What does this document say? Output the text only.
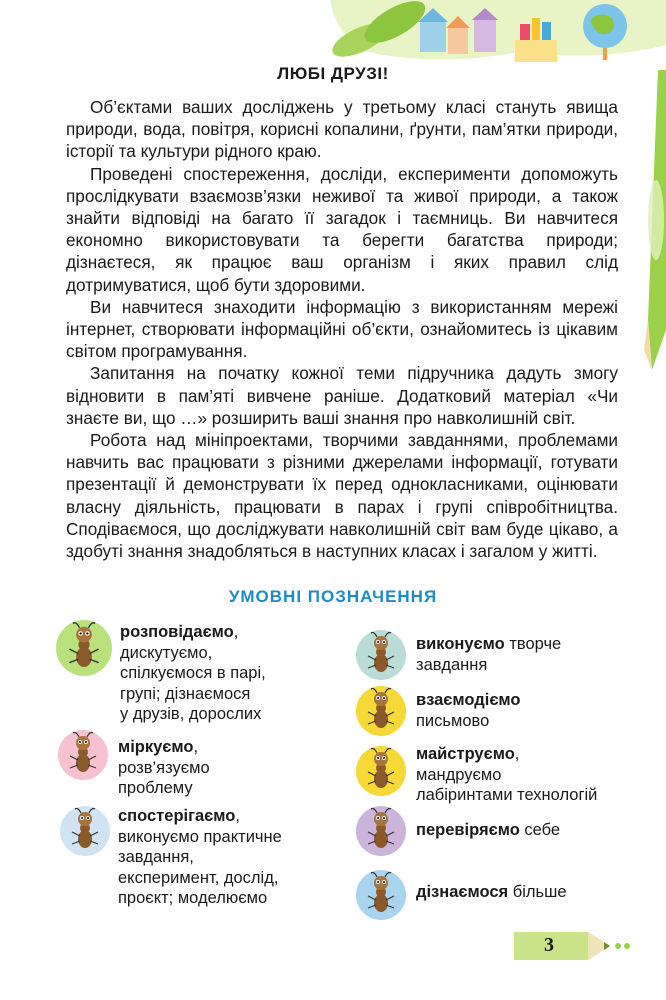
ЛЮБІ ДРУЗІ!

Об’єктами ваших досліджень у третьому класі стануть явища природи, вода, повітря, корисні копалини, ґрунти, пам’ятки природи, історії та культури рідного краю.

Проведені спостереження, досліди, експерименти допоможуть прослідкувати взаємозв’язки неживої та живої природи, а також знайти відповіді на багато її загадок і таємниць. Ви навчитеся економно використовувати та берегти багатства природи; дізнаєтеся, як працює ваш організм і яких правил слід дотримуватися, щоб бути здоровими.

Ви навчитеся знаходити інформацію з використанням мережі інтернет, створювати інформаційні об’єкти, ознайомитесь із цікавим світом програмування.

Запитання на початку кожної теми підручника дадуть змогу відновити в пам’яті вивчене раніше. Додатковий матеріал «Чи знаєте ви, що …» розширить ваші знання про навколишній світ.

Робота над мініпроектами, творчими завданнями, проблемами навчить вас працювати з різними джерелами інформації, готувати презентації й демонструвати їх перед однокласниками, оцінювати власну діяльність, працювати в парах і групі співробітництва. Сподіваємося, що досліджувати навколишній світ вам буде цікаво, а здобуті знання знадобляться в наступних класах і загалом у житті.

УМОВНІ ПОЗНАЧЕННЯ
розповідаємо,
дискутуємо,
спілкуємося в парі,
групі; дізнаємося
у друзів, дорослих
міркуємо,
розв’язуємо
проблему
спостерігаємо,
виконуємо практичне
завдання,
експеримент, дослід,
проєкт; моделюємо
виконуємо творче
завдання
взаємодіємо
письмово
майструємо,
мандруємо
лабіринтами технологій
перевіряємо себе
дізнаємося більше
3
